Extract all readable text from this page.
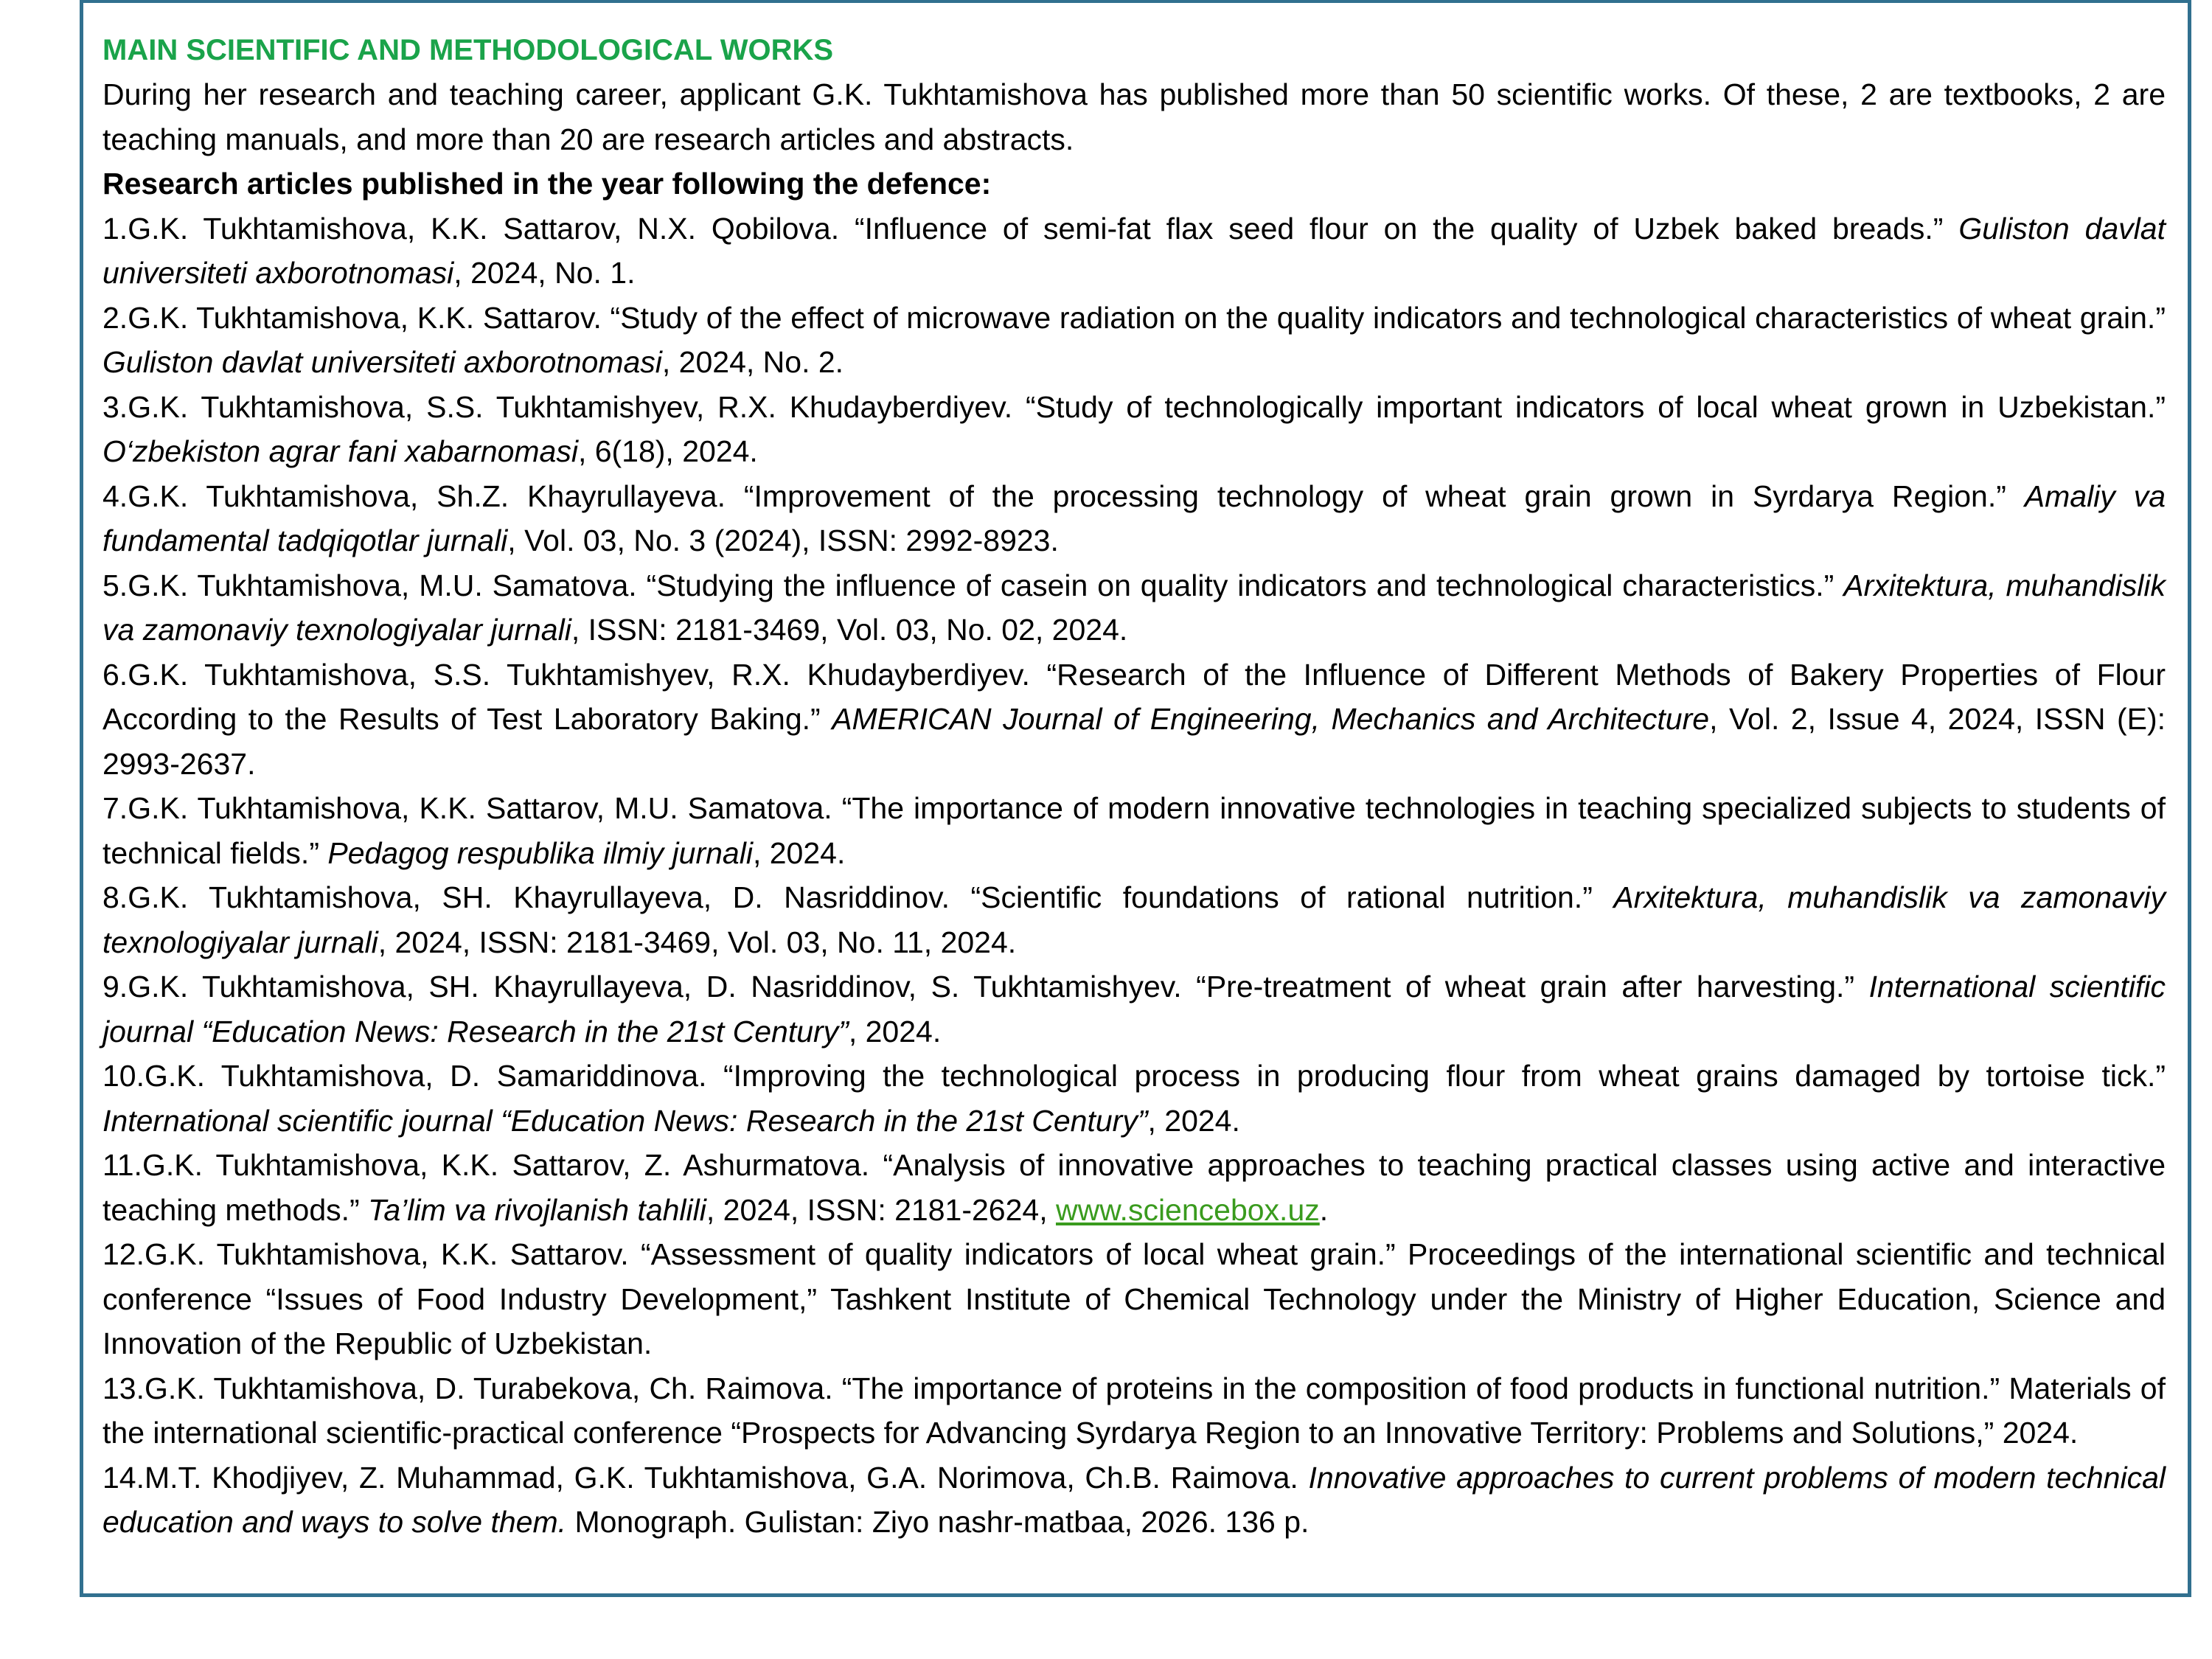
MAIN SCIENTIFIC AND METHODOLOGICAL WORKS

During her research and teaching career, applicant G.K. Tukhtamishova has published more than 50 scientific works. Of these, 2 are textbooks, 2 are teaching manuals, and more than 20 are research articles and abstracts.

Research articles published in the year following the defence:

1.G.K. Tukhtamishova, K.K. Sattarov, N.X. Qobilova. “Influence of semi-fat flax seed flour on the quality of Uzbek baked breads.” Guliston davlat universiteti axborotnomasi, 2024, No. 1.

2.G.K. Tukhtamishova, K.K. Sattarov. “Study of the effect of microwave radiation on the quality indicators and technological characteristics of wheat grain.” Guliston davlat universiteti axborotnomasi, 2024, No. 2.

3.G.K. Tukhtamishova, S.S. Tukhtamishyev, R.X. Khudayberdiyev. “Study of technologically important indicators of local wheat grown in Uzbekistan.” O‘zbekiston agrar fani xabarnomasi, 6(18), 2024.

4.G.K. Tukhtamishova, Sh.Z. Khayrullayeva. “Improvement of the processing technology of wheat grain grown in Syrdarya Region.” Amaliy va fundamental tadqiqotlar jurnali, Vol. 03, No. 3 (2024), ISSN: 2992-8923.

5.G.K. Tukhtamishova, M.U. Samatova. “Studying the influence of casein on quality indicators and technological characteristics.” Arxitektura, muhandislik va zamonaviy texnologiyalar jurnali, ISSN: 2181-3469, Vol. 03, No. 02, 2024.

6.G.K. Tukhtamishova, S.S. Tukhtamishyev, R.X. Khudayberdiyev. “Research of the Influence of Different Methods of Bakery Properties of Flour According to the Results of Test Laboratory Baking.” AMERICAN Journal of Engineering, Mechanics and Architecture, Vol. 2, Issue 4, 2024, ISSN (E): 2993-2637.

7.G.K. Tukhtamishova, K.K. Sattarov, M.U. Samatova. “The importance of modern innovative technologies in teaching specialized subjects to students of technical fields.” Pedagog respublika ilmiy jurnali, 2024.

8.G.K. Tukhtamishova, SH. Khayrullayeva, D. Nasriddinov. “Scientific foundations of rational nutrition.” Arxitektura, muhandislik va zamonaviy texnologiyalar jurnali, 2024, ISSN: 2181-3469, Vol. 03, No. 11, 2024.

9.G.K. Tukhtamishova, SH. Khayrullayeva, D. Nasriddinov, S. Tukhtamishyev. “Pre-treatment of wheat grain after harvesting.” International scientific journal “Education News: Research in the 21st Century”, 2024.

10.G.K. Tukhtamishova, D. Samariddinova. “Improving the technological process in producing flour from wheat grains damaged by tortoise tick.” International scientific journal “Education News: Research in the 21st Century”, 2024.

11.G.K. Tukhtamishova, K.K. Sattarov, Z. Ashurmatova. “Analysis of innovative approaches to teaching practical classes using active and interactive teaching methods.” Ta’lim va rivojlanish tahlili, 2024, ISSN: 2181-2624, www.sciencebox.uz.

12.G.K. Tukhtamishova, K.K. Sattarov. “Assessment of quality indicators of local wheat grain.” Proceedings of the international scientific and technical conference “Issues of Food Industry Development,” Tashkent Institute of Chemical Technology under the Ministry of Higher Education, Science and Innovation of the Republic of Uzbekistan.

13.G.K. Tukhtamishova, D. Turabekova, Ch. Raimova. “The importance of proteins in the composition of food products in functional nutrition.” Materials of the international scientific-practical conference “Prospects for Advancing Syrdarya Region to an Innovative Territory: Problems and Solutions,” 2024.

14.M.T. Khodjiyev, Z. Muhammad, G.K. Tukhtamishova, G.A. Norimova, Ch.B. Raimova. Innovative approaches to current problems of modern technical education and ways to solve them. Monograph. Gulistan: Ziyo nashr-matbaa, 2026. 136 p.
